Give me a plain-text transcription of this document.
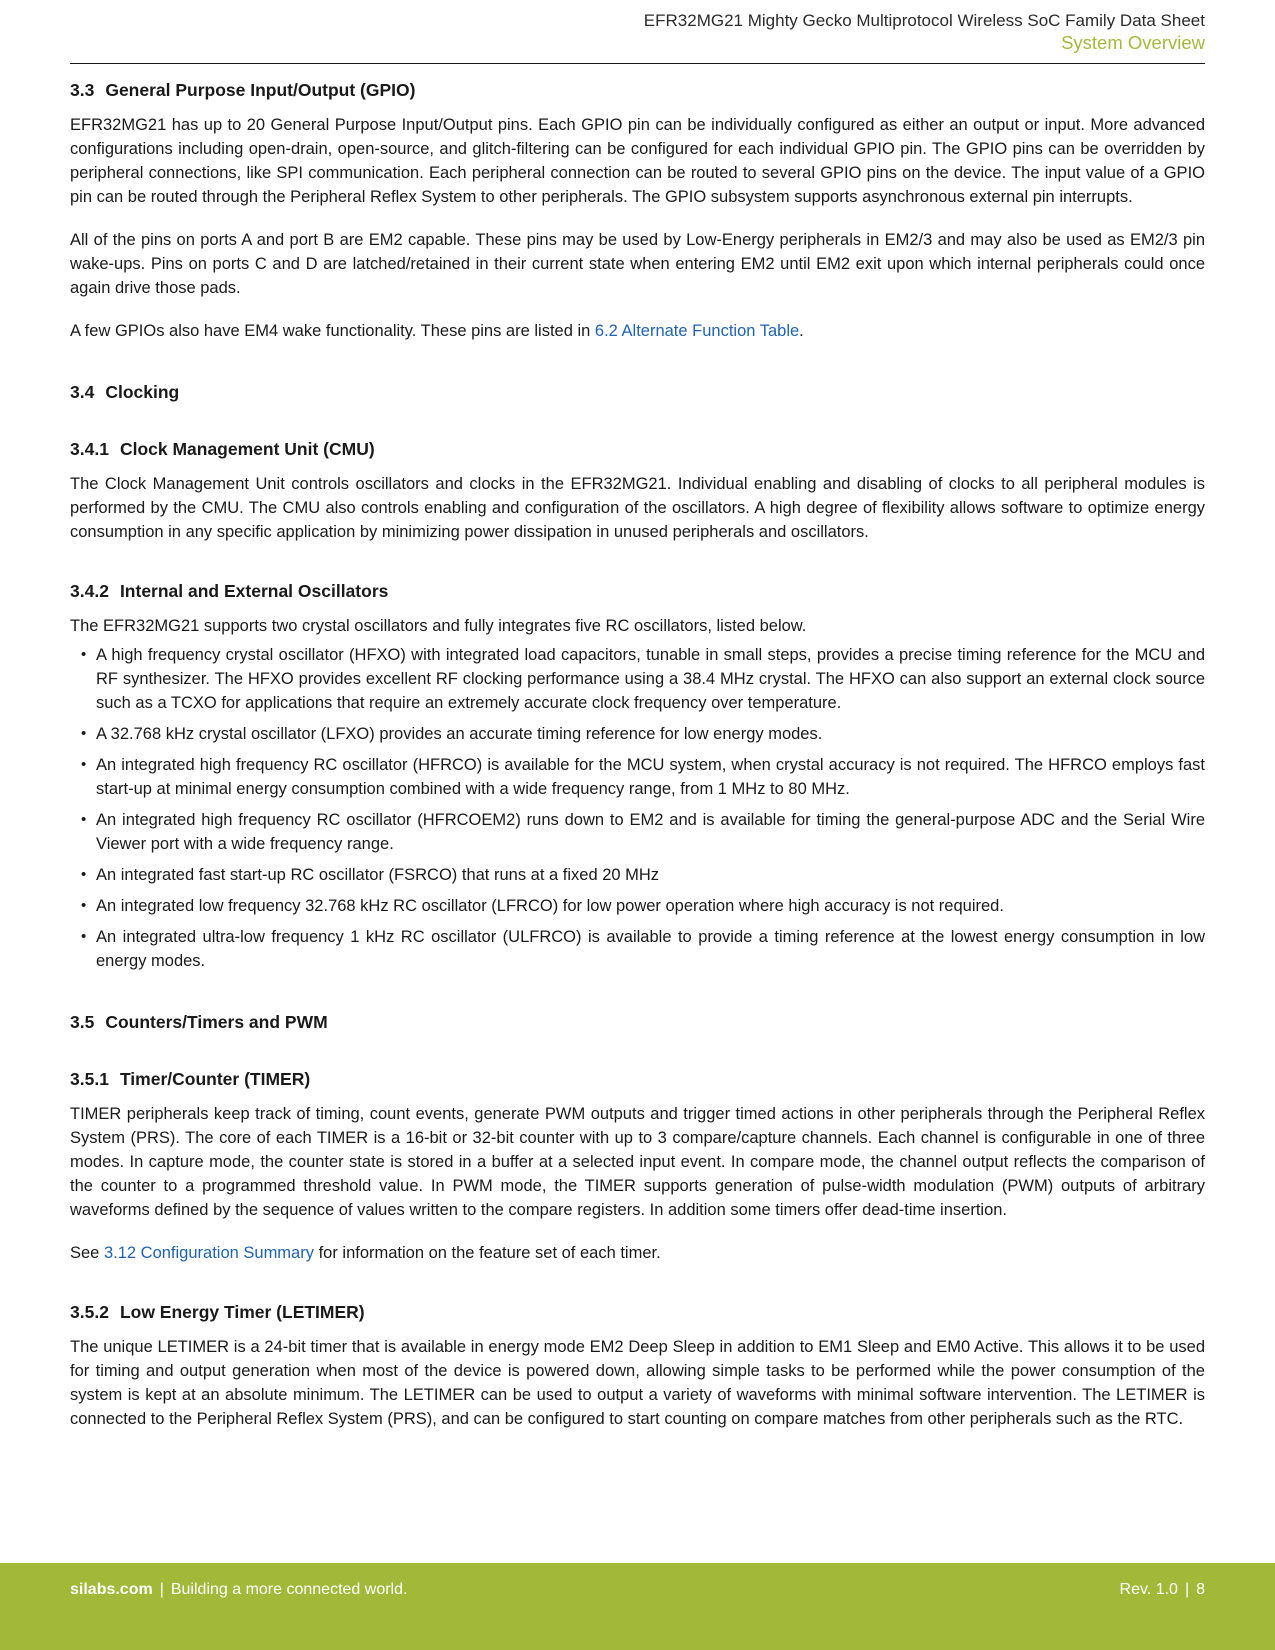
EFR32MG21 Mighty Gecko Multiprotocol Wireless SoC Family Data Sheet
System Overview
3.3 General Purpose Input/Output (GPIO)

EFR32MG21 has up to 20 General Purpose Input/Output pins. Each GPIO pin can be individually configured as either an output or input. More advanced configurations including open-drain, open-source, and glitch-filtering can be configured for each individual GPIO pin. The GPIO pins can be overridden by peripheral connections, like SPI communication. Each peripheral connection can be routed to several GPIO pins on the device. The input value of a GPIO pin can be routed through the Peripheral Reflex System to other peripherals. The GPIO subsystem supports asynchronous external pin interrupts.

All of the pins on ports A and port B are EM2 capable. These pins may be used by Low-Energy peripherals in EM2/3 and may also be used as EM2/3 pin wake-ups. Pins on ports C and D are latched/retained in their current state when entering EM2 until EM2 exit upon which internal peripherals could once again drive those pads.

A few GPIOs also have EM4 wake functionality. These pins are listed in 6.2 Alternate Function Table.

3.4 Clocking
3.4.1 Clock Management Unit (CMU)

The Clock Management Unit controls oscillators and clocks in the EFR32MG21. Individual enabling and disabling of clocks to all peripheral modules is performed by the CMU. The CMU also controls enabling and configuration of the oscillators. A high degree of flexibility allows software to optimize energy consumption in any specific application by minimizing power dissipation in unused peripherals and oscillators.

3.4.2 Internal and External Oscillators

The EFR32MG21 supports two crystal oscillators and fully integrates five RC oscillators, listed below.

• A high frequency crystal oscillator (HFXO) with integrated load capacitors, tunable in small steps, provides a precise timing reference for the MCU and RF synthesizer. The HFXO provides excellent RF clocking performance using a 38.4 MHz crystal. The HFXO can also support an external clock source such as a TCXO for applications that require an extremely accurate clock frequency over temperature.
• A 32.768 kHz crystal oscillator (LFXO) provides an accurate timing reference for low energy modes.
• An integrated high frequency RC oscillator (HFRCO) is available for the MCU system, when crystal accuracy is not required. The HFRCO employs fast start-up at minimal energy consumption combined with a wide frequency range, from 1 MHz to 80 MHz.
• An integrated high frequency RC oscillator (HFRCOEM2) runs down to EM2 and is available for timing the general-purpose ADC and the Serial Wire Viewer port with a wide frequency range.
• An integrated fast start-up RC oscillator (FSRCO) that runs at a fixed 20 MHz
• An integrated low frequency 32.768 kHz RC oscillator (LFRCO) for low power operation where high accuracy is not required.
• An integrated ultra-low frequency 1 kHz RC oscillator (ULFRCO) is available to provide a timing reference at the lowest energy consumption in low energy modes.
3.5 Counters/Timers and PWM
3.5.1 Timer/Counter (TIMER)

TIMER peripherals keep track of timing, count events, generate PWM outputs and trigger timed actions in other peripherals through the Peripheral Reflex System (PRS). The core of each TIMER is a 16-bit or 32-bit counter with up to 3 compare/capture channels. Each channel is configurable in one of three modes. In capture mode, the counter state is stored in a buffer at a selected input event. In compare mode, the channel output reflects the comparison of the counter to a programmed threshold value. In PWM mode, the TIMER supports generation of pulse-width modulation (PWM) outputs of arbitrary waveforms defined by the sequence of values written to the compare registers. In addition some timers offer dead-time insertion.

See 3.12 Configuration Summary for information on the feature set of each timer.

3.5.2 Low Energy Timer (LETIMER)

The unique LETIMER is a 24-bit timer that is available in energy mode EM2 Deep Sleep in addition to EM1 Sleep and EM0 Active. This allows it to be used for timing and output generation when most of the device is powered down, allowing simple tasks to be performed while the power consumption of the system is kept at an absolute minimum. The LETIMER can be used to output a variety of waveforms with minimal software intervention. The LETIMER is connected to the Peripheral Reflex System (PRS), and can be configured to start counting on compare matches from other peripherals such as the RTC.

silabs.com | Building a more connected world.	Rev. 1.0 | 8
